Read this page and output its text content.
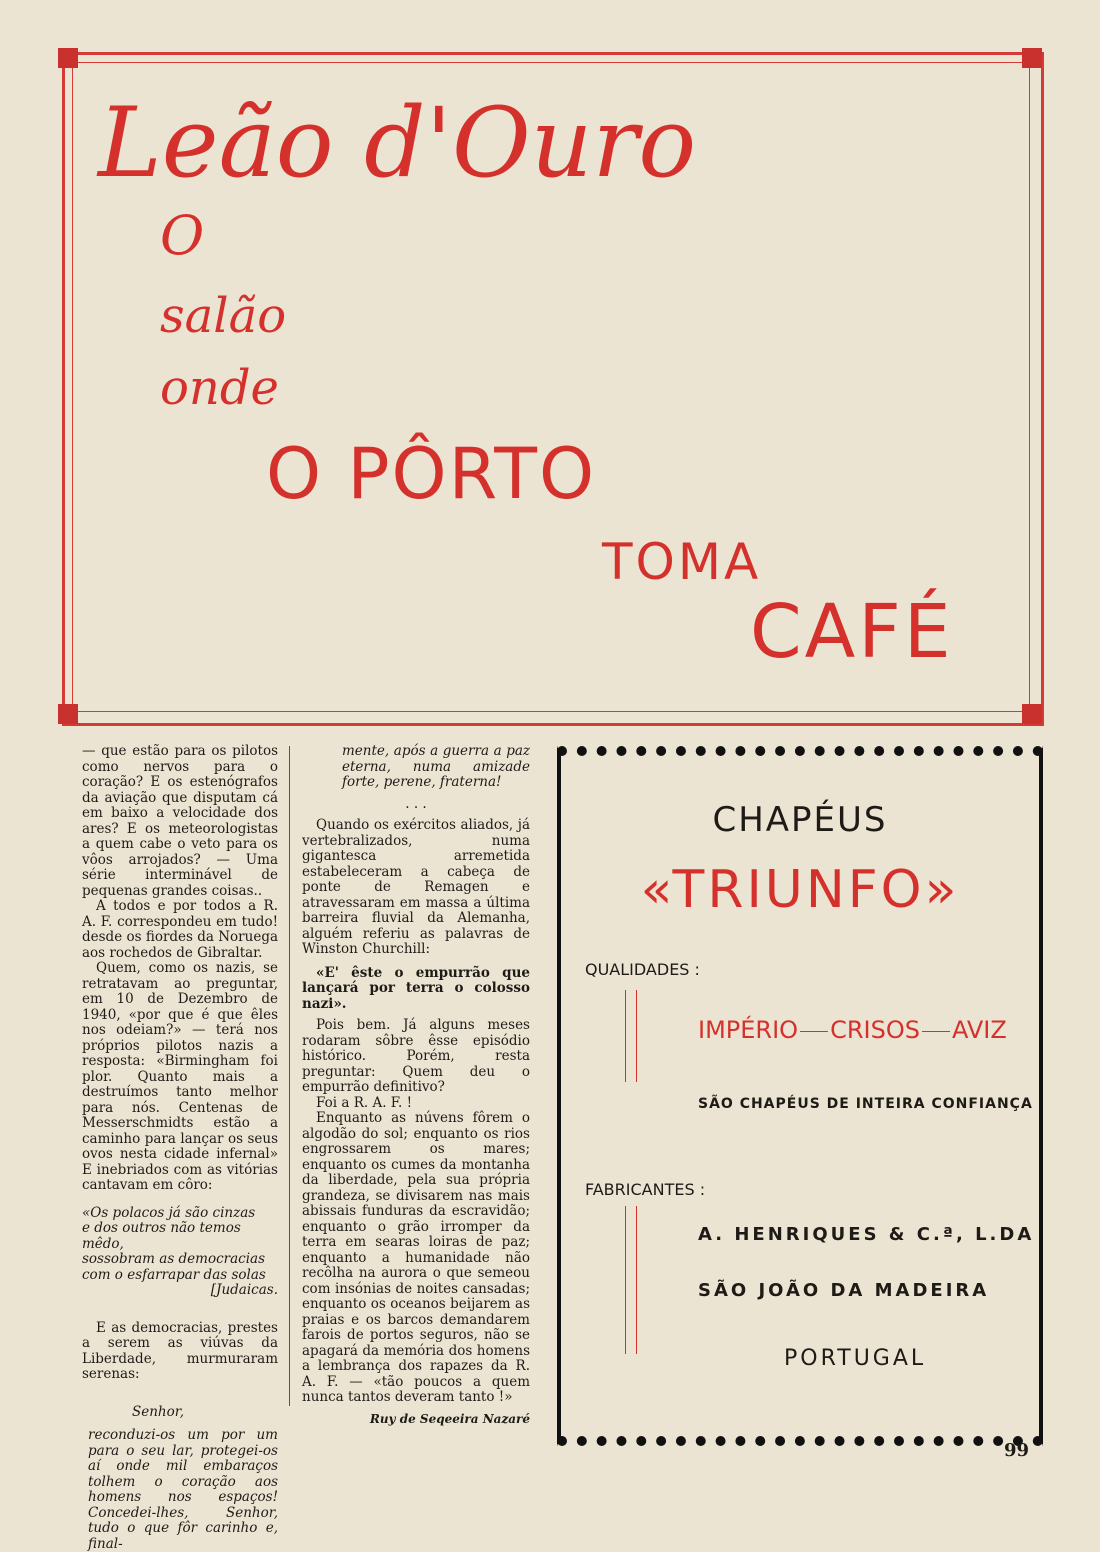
Leão d'Ouro
O
salão
onde
O PÔRTO
TOMA
CAFÉ

— que estão para os pilotos como nervos para o coração? E os estenógrafos da aviação que disputam cá em baixo a velocidade dos ares? E os meteorologistas a quem cabe o veto para os vôos arrojados? — Uma série interminável de pequenas grandes coisas..

A todos e por todos a R. A. F. correspondeu em tudo! desde os fiordes da Noruega aos rochedos de Gibraltar.

Quem, como os nazis, se retratavam ao preguntar, em 10 de Dezembro de 1940, «por que é que êles nos odeiam?» — terá nos próprios pilotos nazis a resposta: «Birmingham foi plor. Quanto mais a destruímos tanto melhor para nós. Centenas de Messerschmidts estão a caminho para lançar os seus ovos nesta cidade infernal» E inebriados com as vitórias cantavam em côro:

«Os polacos já são cinzas
e dos outros não temos mêdo,
sossobram as democracias
com o esfarrapar das solas
[Judaicas.

E as democracias, prestes a serem as viúvas da Liberdade, murmuraram serenas:

Senhor,

reconduzi-os um por um para o seu lar, protegei-os aí onde mil embaraços tolhem o coração aos homens nos espaços! Concedei-lhes, Senhor, tudo o que fôr carinho e, final-

mente, após a guerra a paz eterna, numa amizade forte, perene, fraterna!

. . .

Quando os exércitos aliados, já vertebralizados, numa gigantesca arremetida estabeleceram a cabeça de ponte de Remagen e atravessaram em massa a última barreira fluvial da Alemanha, alguém referiu as palavras de Winston Churchill:

«E' êste o empurrão que lançará por terra o colosso nazi».

Pois bem. Já alguns meses rodaram sôbre êsse episódio histórico. Porém, resta preguntar: Quem deu o empurrão definitivo?

Foi a R. A. F. !

Enquanto as núvens fôrem o algodão do sol; enquanto os rios engrossarem os mares; enquanto os cumes da montanha da liberdade, pela sua própria grandeza, se divisarem nas mais abissais funduras da escravidão; enquanto o grão irromper da terra em searas loiras de paz; enquanto a humanidade não recôlha na aurora o que semeou com insónias de noites cansadas; enquanto os oceanos beijarem as praias e os barcos demandarem farois de portos seguros, não se apagará da memória dos homens a lembrança dos rapazes da R. A. F. — «tão poucos a quem nunca tantos deveram tanto !»

Ruy de Seqeeira Nazaré

CHAPÉUS
«TRIUNFO»
QUALIDADES :
IMPÉRIO CRISOS AVIZ
SÃO CHAPÉUS DE INTEIRA CONFIANÇA
FABRICANTES :
A. HENRIQUES & C.ª, L.DA
SÃO JOÃO DA MADEIRA
PORTUGAL
99
